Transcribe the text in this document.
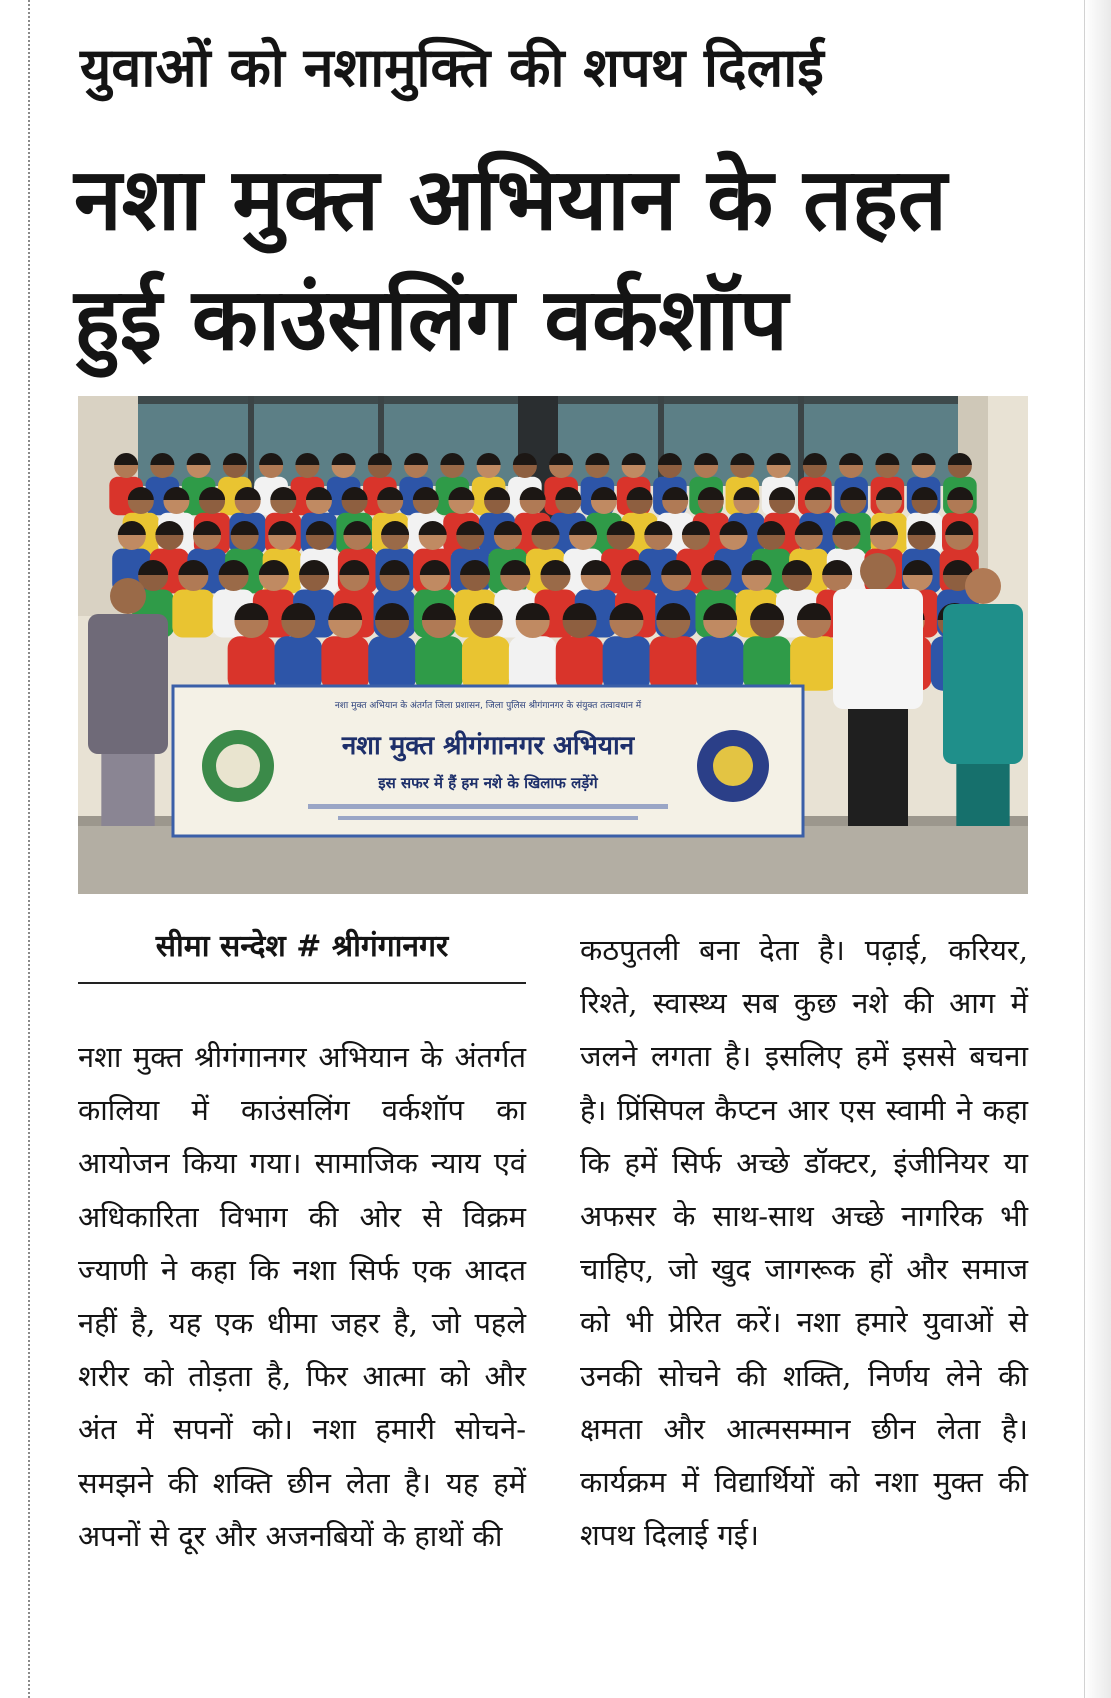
युवाओं को नशामुक्ति की शपथ दिलाई
नशा मुक्त अभियान के तहत हुई काउंसलिंग वर्कशॉप
नशा मुक्त अभियान के अंतर्गत जिला प्रशासन, जिला पुलिस श्रीगंगानगर के संयुक्त तत्वावधान में
नशा मुक्त श्रीगंगानगर अभियान
इस सफर में हैं हम नशे के खिलाफ लड़ेंगे
सीमा सन्देश # श्रीगंगानगर
नशा मुक्त श्रीगंगानगर अभियान के अंतर्गत कालिया में काउंसलिंग वर्कशॉप का आयोजन किया गया। सामाजिक न्याय एवं अधिकारिता विभाग की ओर से विक्रम ज्याणी ने कहा कि नशा सिर्फ एक आदत नहीं है, यह एक धीमा जहर है, जो पहले शरीर को तोड़ता है, फिर आत्मा को और अंत में सपनों को। नशा हमारी सोचने-समझने की शक्ति छीन लेता है। यह हमें अपनों से दूर और अजनबियों के हाथों की
कठपुतली बना देता है। पढ़ाई, करियर, रिश्ते, स्वास्थ्य सब कुछ नशे की आग में जलने लगता है। इसलिए हमें इससे बचना है। प्रिंसिपल कैप्टन आर एस स्वामी ने कहा कि हमें सिर्फ अच्छे डॉक्टर, इंजीनियर या अफसर के साथ-साथ अच्छे नागरिक भी चाहिए, जो खुद जागरूक हों और समाज को भी प्रेरित करें। नशा हमारे युवाओं से उनकी सोचने की शक्ति, निर्णय लेने की क्षमता और आत्मसम्मान छीन लेता है। कार्यक्रम में विद्यार्थियों को नशा मुक्त की शपथ दिलाई गई।
